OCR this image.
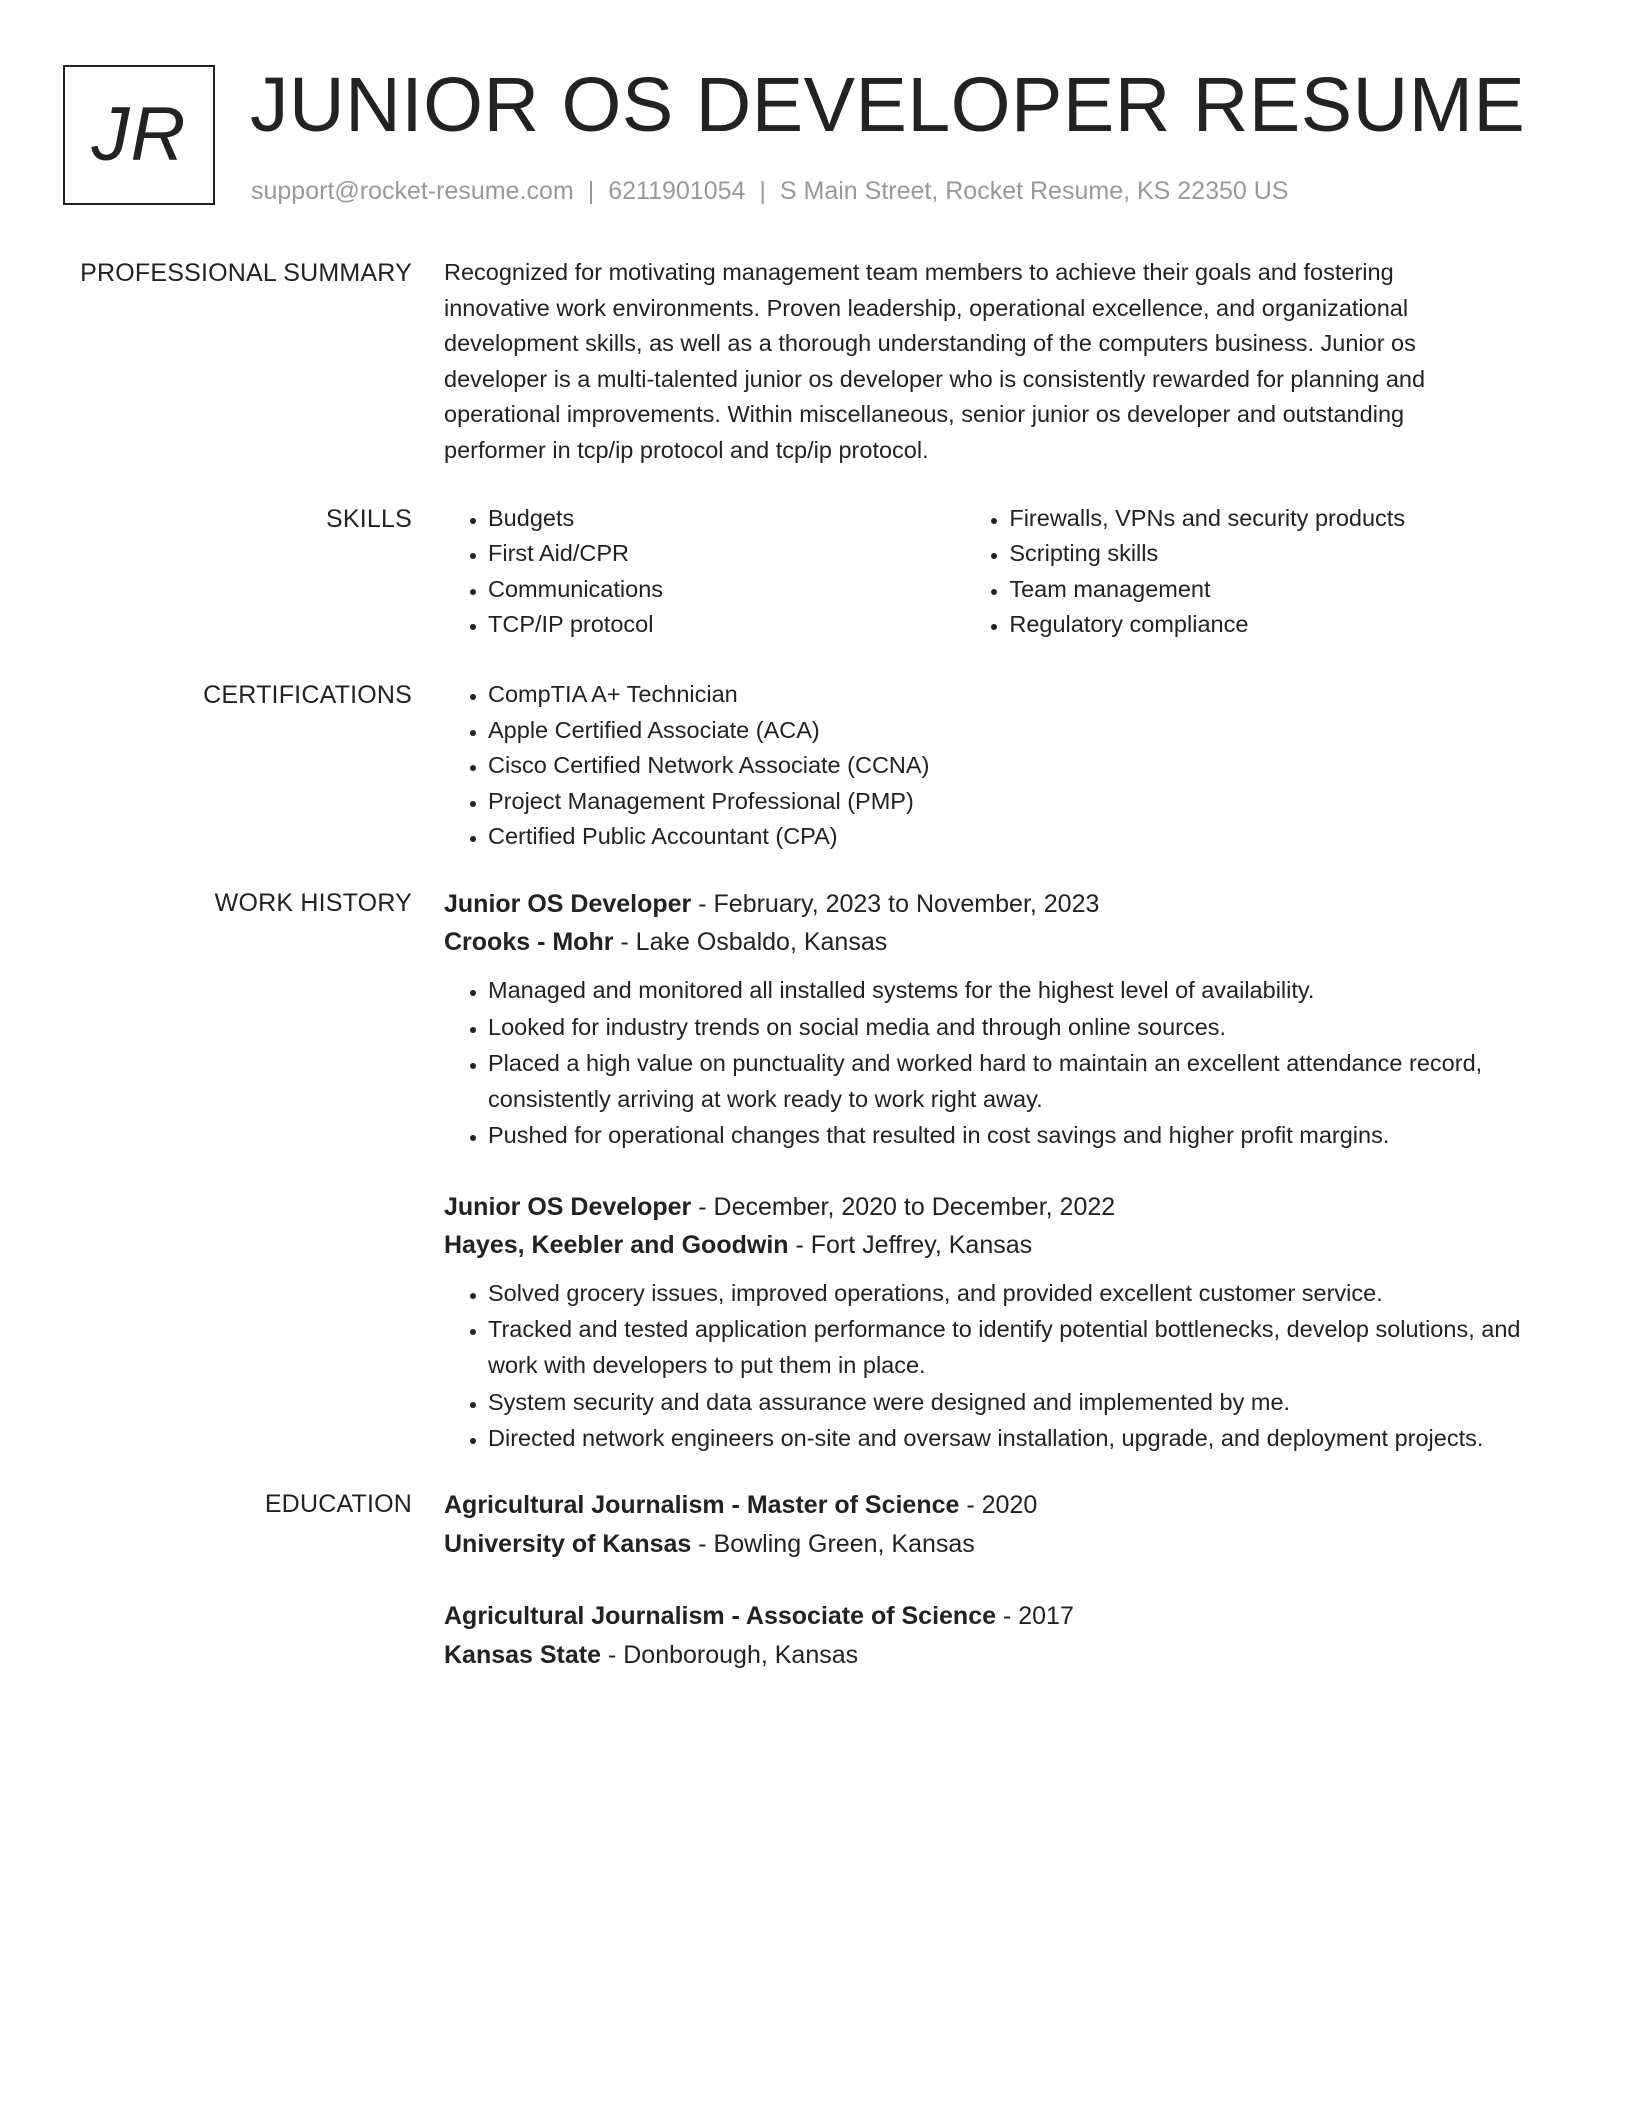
JR JUNIOR OS DEVELOPER RESUME
support@rocket-resume.com | 6211901054 | S Main Street, Rocket Resume, KS 22350 US
PROFESSIONAL SUMMARY Recognized for motivating management team members to achieve their goals and fostering
innovative work environments. Proven leadership, operational excellence, and organizational
development skills, as well as a thorough understanding of the computers business. Junior os
developer is a multi-talented junior os developer who is consistently rewarded for planning and
operational improvements. Within miscellaneous, senior junior os developer and outstanding
performer in tcp/ip protocol and tcp/ip protocol.

SKILLS	• Budgets
• First Aid/CPR
• Communications
• TCP/IP protocol
• Firewalls, VPNs and security products
• Scripting skills
• Team management
• Regulatory compliance
CERTIFICATIONS	• CompTIA A+ Technician
• Apple Certified Associate (ACA)
• Cisco Certified Network Associate (CCNA)
• Project Management Professional (PMP)
• Certified Public Accountant (CPA)
WORK HISTORY Junior OS Developer - February, 2023 to November, 2023
Crooks - Mohr - Lake Osbaldo, Kansas
• Managed and monitored all installed systems for the highest level of availability.
• Looked for industry trends on social media and through online sources.
• Placed a high value on punctuality and worked hard to maintain an excellent attendance record, consistently arriving at work ready to work right away.
• Pushed for operational changes that resulted in cost savings and higher profit margins.
Junior OS Developer - December, 2020 to December, 2022
Hayes, Keebler and Goodwin - Fort Jeffrey, Kansas
• Solved grocery issues, improved operations, and provided excellent customer service.
• Tracked and tested application performance to identify potential bottlenecks, develop solutions, and work with developers to put them in place.
• System security and data assurance were designed and implemented by me.
• Directed network engineers on-site and oversaw installation, upgrade, and deployment projects.
EDUCATION Agricultural Journalism - Master of Science - 2020
University of Kansas - Bowling Green, Kansas
Agricultural Journalism - Associate of Science - 2017
Kansas State - Donborough, Kansas
